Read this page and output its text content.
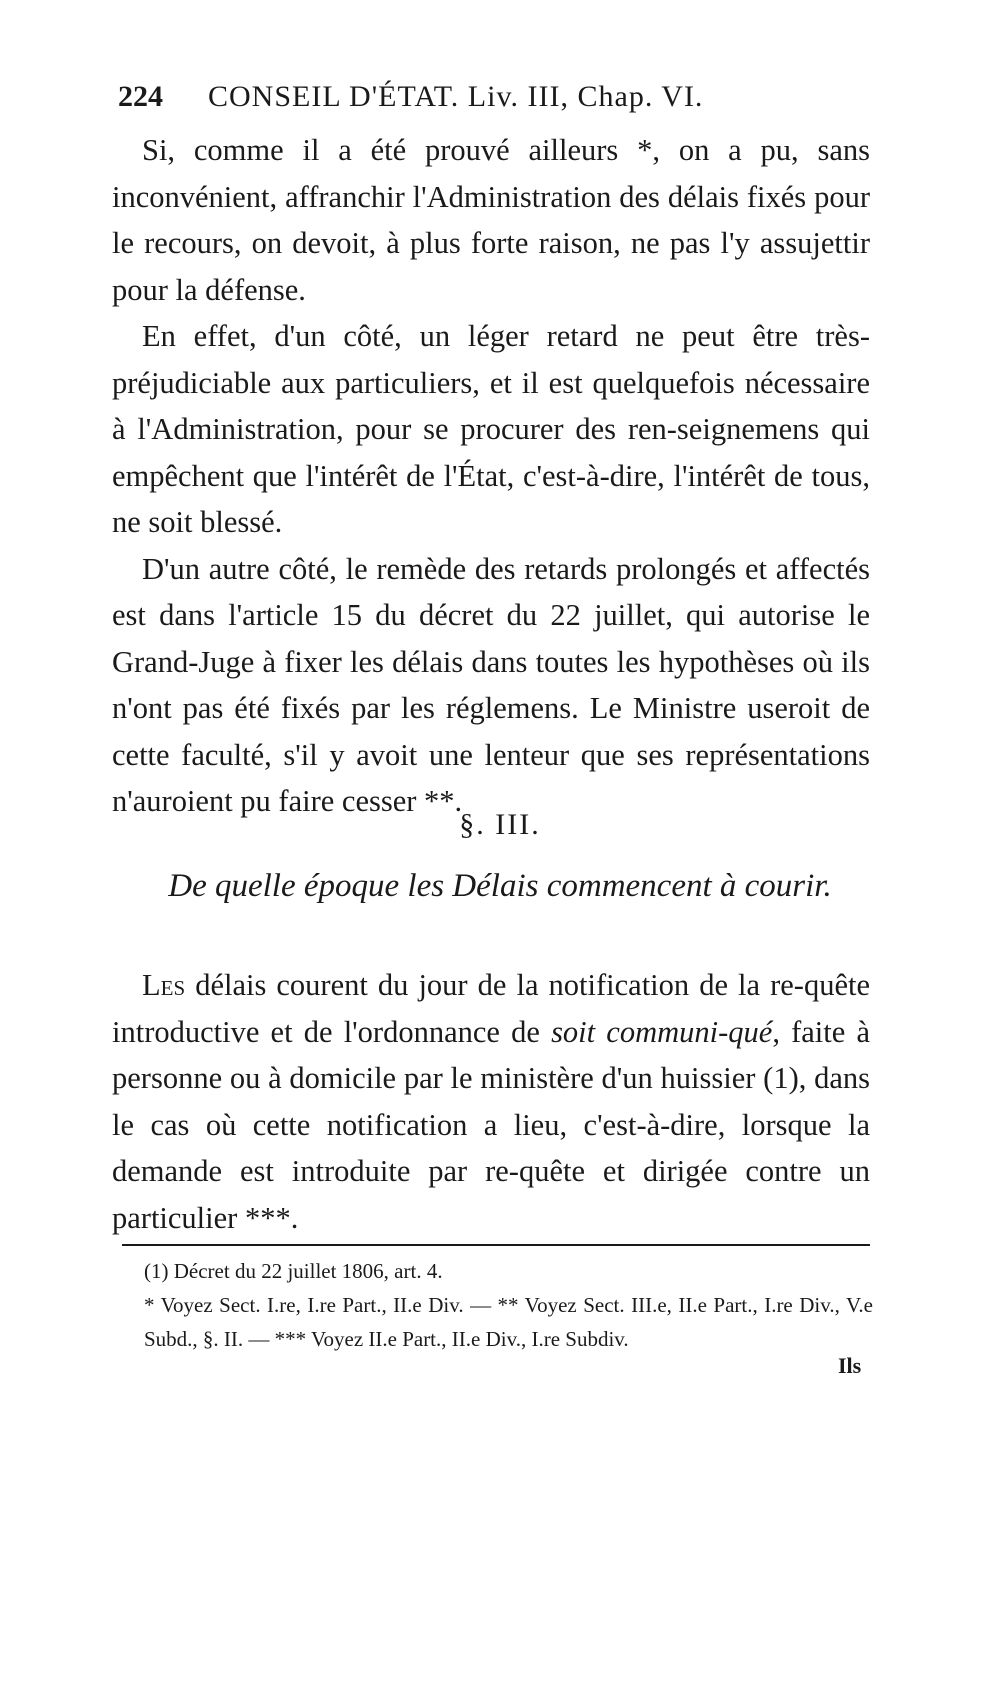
224 CONSEIL D'ÉTAT. Liv. III, Chap. VI.

Si, comme il a été prouvé ailleurs *, on a pu, sans inconvénient, affranchir l'Administration des délais fixés pour le recours, on devoit, à plus forte raison, ne pas l'y assujettir pour la défense.

En effet, d'un côté, un léger retard ne peut être très-préjudiciable aux particuliers, et il est quelquefois nécessaire à l'Administration, pour se procurer des ren-seignemens qui empêchent que l'intérêt de l'État, c'est-à-dire, l'intérêt de tous, ne soit blessé.

D'un autre côté, le remède des retards prolongés et affectés est dans l'article 15 du décret du 22 juillet, qui autorise le Grand-Juge à fixer les délais dans toutes les hypothèses où ils n'ont pas été fixés par les réglemens. Le Ministre useroit de cette faculté, s'il y avoit une lenteur que ses représentations n'auroient pu faire cesser **.

§. III.
De quelle époque les Délais commencent à courir.

Les délais courent du jour de la notification de la re-quête introductive et de l'ordonnance de soit communi-qué, faite à personne ou à domicile par le ministère d'un huissier (1), dans le cas où cette notification a lieu, c'est-à-dire, lorsque la demande est introduite par re-quête et dirigée contre un particulier ***.

(1) Décret du 22 juillet 1806, art. 4.

* Voyez Sect. I.re, I.re Part., II.e Div. — ** Voyez Sect. III.e, II.e Part., I.re Div., V.e Subd., §. II. — *** Voyez II.e Part., II.e Div., I.re Subdiv.

Ils
